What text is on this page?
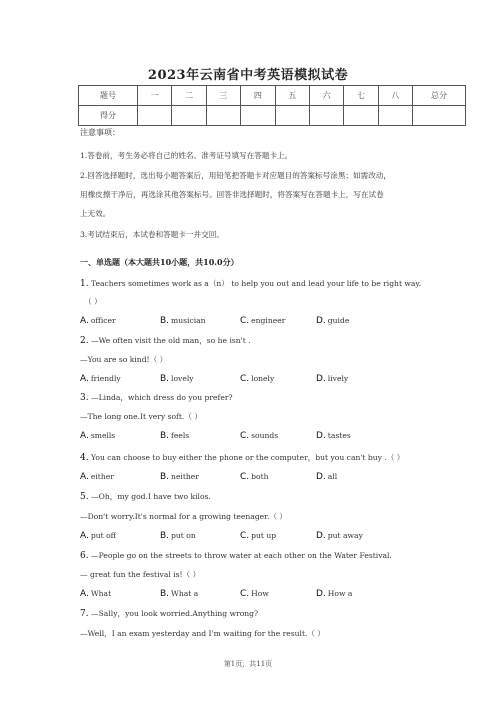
2023年云南省中考英语模拟试卷
题号	一	二	三	四	五	六	七	八	总分
得分									
注意事项：
1.答卷前，考生务必将自己的姓名、准考证号填写在答题卡上。
2.回答选择题时，选出每小题答案后，用铅笔把答题卡对应题目的答案标号涂黑；如需改动，
用橡皮擦干净后，再选涂其他答案标号。回答非选择题时，将答案写在答题卡上，写在试卷
上无效。
3.考试结束后，本试卷和答题卡一并交回。
一、单选题（本大题共10小题，共10.0分）
1. Teachers sometimes work as a（n） to help you out and lead your life to be right way.
（ ）
A. officer	B. musician	C. engineer	D. guide
2. —We often visit the old man，so he isn't .
—You are so kind!（ ）
A. friendly	B. lovely	C. lonely	D. lively
3. —Linda，which dress do you prefer?
—The long one.It very soft.（ ）
A. smells	B. feels	C. sounds	D. tastes
4. You can choose to buy either the phone or the computer，but you can't buy .（ ）
A. either	B. neither	C. both	D. all
5. —Oh，my god.I have two kilos.
—Don't worry.It's normal for a growing teenager.（ ）
A. put off	B. put on	C. put up	D. put away
6. —People go on the streets to throw water at each other on the Water Festival.
— great fun the festival is!（ ）
A. What	B. What a	C. How	D. How a
7. —Sally，you look worried.Anything wrong?
—Well，I an exam yesterday and I'm waiting for the result.（ ）
第1页，共11页
